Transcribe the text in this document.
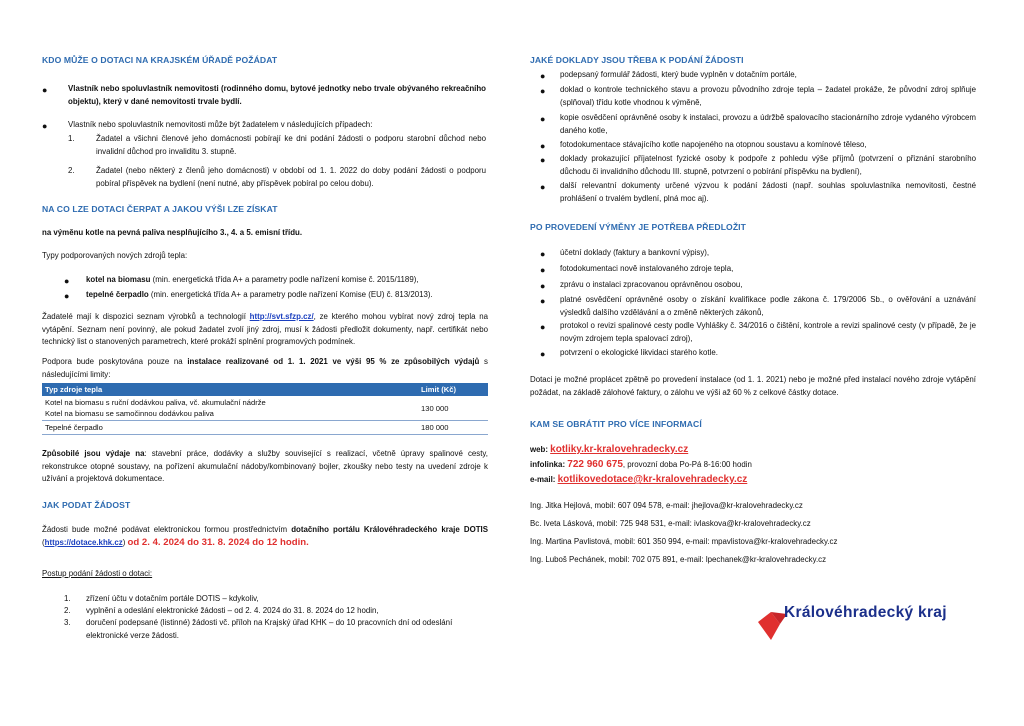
KDO MŮŽE O DOTACI NA KRAJSKÉM ÚŘADĚ POŽÁDAT
●	Vlastník nebo spoluvlastník nemovitosti (rodinného domu, bytové jednotky nebo trvale obývaného rekreačního objektu), který v dané nemovitosti trvale bydlí.
●	Vlastník nebo spoluvlastník nemovitosti může být žadatelem v následujících případech:
1.	Žadatel a všichni členové jeho domácnosti pobírají ke dni podání žádosti o podporu starobní důchod nebo invalidní důchod pro invaliditu 3. stupně.
2.	Žadatel (nebo některý z členů jeho domácnosti) v období od 1. 1. 2022 do doby podání žádosti o podporu pobíral příspěvek na bydlení (není nutné, aby příspěvek pobíral po celou dobu).
NA CO LZE DOTACI ČERPAT A JAKOU VÝŠI LZE ZÍSKAT
na výměnu kotle na pevná paliva nesplňujícího 3., 4. a 5. emisní třídu.
Typy podporovaných nových zdrojů tepla:
● kotel na biomasu (min. energetická třída A+ a parametry podle nařízení komise č. 2015/1189),
● tepelné čerpadlo (min. energetická třída A+ a parametry podle nařízení Komise (EU) č. 813/2013).
Žadatelé mají k dispozici seznam výrobků a technologií http://svt.sfzp.cz/, ze kterého mohou vybírat nový zdroj tepla na vytápění. Seznam není povinný, ale pokud žadatel zvolí jiný zdroj, musí k žádosti předložit dokumenty, např. certifikát nebo technický list o stanovených parametrech, které prokáží splnění programových podmínek.
Podpora bude poskytována pouze na instalace realizované od 1. 1. 2021 ve výši 95 % ze způsobilých výdajů s následujícími limity:
Typ zdroje tepla	Limit (Kč)

Kotel na biomasu s ruční dodávkou paliva, vč. akumulační nádrže
Kotel na biomasu se samočinnou dodávkou paliva	130 000
Tepelné čerpadlo	180 000
Způsobilé jsou výdaje na: stavební práce, dodávky a služby související s realizací, včetně úpravy spalinové cesty, rekonstrukce otopné soustavy, na pořízení akumulační nádoby/kombinovaný bojler, zkoušky nebo testy na uvedení zdroje k užívání a projektová dokumentace.
JAK PODAT ŽÁDOST
Žádosti bude možné podávat elektronickou formou prostřednictvím dotačního portálu Královéhradeckého kraje DOTIS (https://dotace.khk.cz) od 2. 4. 2024 do 31. 8. 2024 do 12 hodin.
Postup podání žádosti o dotaci:
1. zřízení účtu v dotačním portále DOTIS – kdykoliv,
2. vyplnění a odeslání elektronické žádosti – od 2. 4. 2024 do 31. 8. 2024 do 12 hodin,
3. doručení podepsané (listinné) žádosti vč. příloh na Krajský úřad KHK – do 10 pracovních dní od odeslání elektronické verze žádosti.
JAKÉ DOKLADY JSOU TŘEBA K PODÁNÍ ŽÁDOSTI
● podepsaný formulář žádosti, který bude vyplněn v dotačním portále,
● doklad o kontrole technického stavu a provozu původního zdroje tepla – žadatel prokáže, že původní zdroj splňuje (splňoval) třídu kotle vhodnou k výměně,
● kopie osvědčení oprávněné osoby k instalaci, provozu a údržbě spalovacího stacionárního zdroje vydaného výrobcem daného kotle,
● fotodokumentace stávajícího kotle napojeného na otopnou soustavu a komínové těleso,
● doklady prokazující příjatelnost fyzické osoby k podpoře z pohledu výše příjmů (potvrzení o přiznání starobního důchodu či invalidního důchodu III. stupně, potvrzení o pobírání příspěvku na bydlení),
● další relevantní dokumenty určené výzvou k podání žádosti (např. souhlas spoluvlastníka nemovitosti, čestné prohlášení o trvalém bydlení, plná moc aj).
PO PROVEDENÍ VÝMĚNY JE POTŘEBA PŘEDLOŽIT
● účetní doklady (faktury a bankovní výpisy),
● fotodokumentaci nově instalovaného zdroje tepla,
● zprávu o instalaci zpracovanou oprávněnou osobou,
● platné osvědčení oprávněné osoby o získání kvalifikace podle zákona č. 179/2006 Sb., o ověřování a uznávání výsledků dalšího vzdělávání a o změně některých zákonů,
● protokol o revizi spalinové cesty podle Vyhlášky č. 34/2016 o čištění, kontrole a revizi spalinové cesty (v případě, že je novým zdrojem tepla spalovací zdroj),
● potvrzení o ekologické likvidaci starého kotle.
Dotaci je možné proplácet zpětně po provedení instalace (od 1. 1. 2021) nebo je možné před instalací nového zdroje vytápění požádat, na základě zálohové faktury, o zálohu ve výši až 60 % z celkové částky dotace.
KAM SE OBRÁTIT PRO VÍCE INFORMACÍ
web: kotliky.kr-kralovehradecky.cz
infolinka: 722 960 675, provozní doba Po-Pá 8-16:00 hodin
e-mail: kotlikovedotace@kr-kralovehradecky.cz
Ing. Jitka Hejlová, mobil: 607 094 578, e-mail: jhejlova@kr-kralovehradecky.cz
Bc. Iveta Lásková, mobil: 725 948 531, e-mail: ivlaskova@kr-kralovehradecky.cz
Ing. Martina Pavlistová, mobil: 601 350 994, e-mail: mpavlistova@kr-kralovehradecky.cz
Ing. Luboš Pechánek, mobil: 702 075 891, e-mail: lpechanek@kr-kralovehradecky.cz
Královéhradecký kraj
